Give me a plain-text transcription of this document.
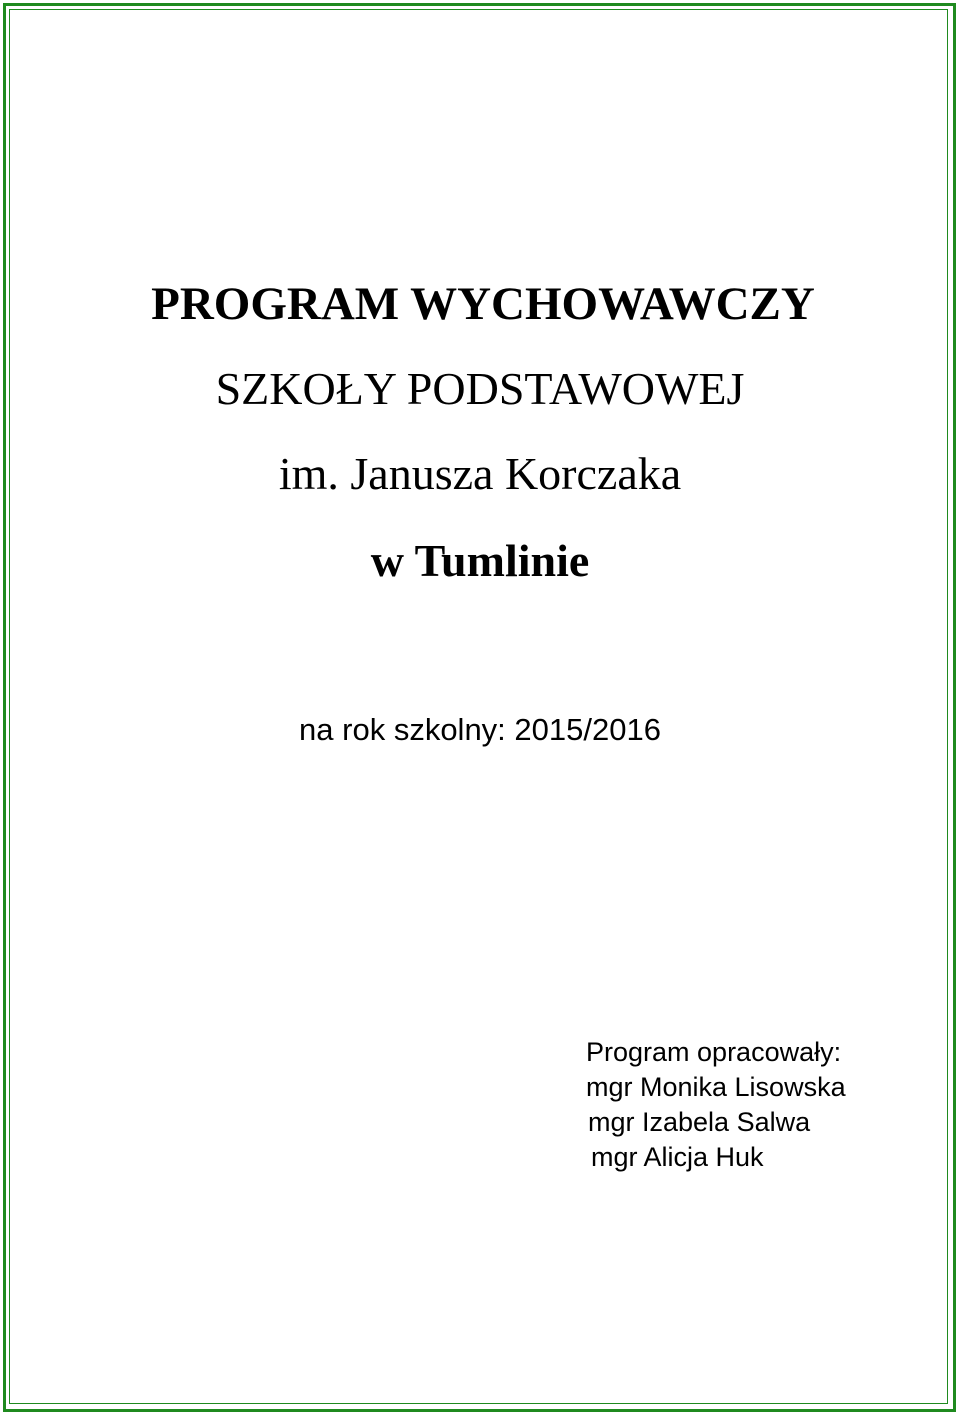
PROGRAM WYCHOWAWCZY
SZKOŁY PODSTAWOWEJ
im. Janusza Korczaka
w Tumlinie
na rok szkolny: 2015/2016
Program opracowały:
mgr Monika Lisowska
mgr Izabela Salwa
mgr Alicja Huk
